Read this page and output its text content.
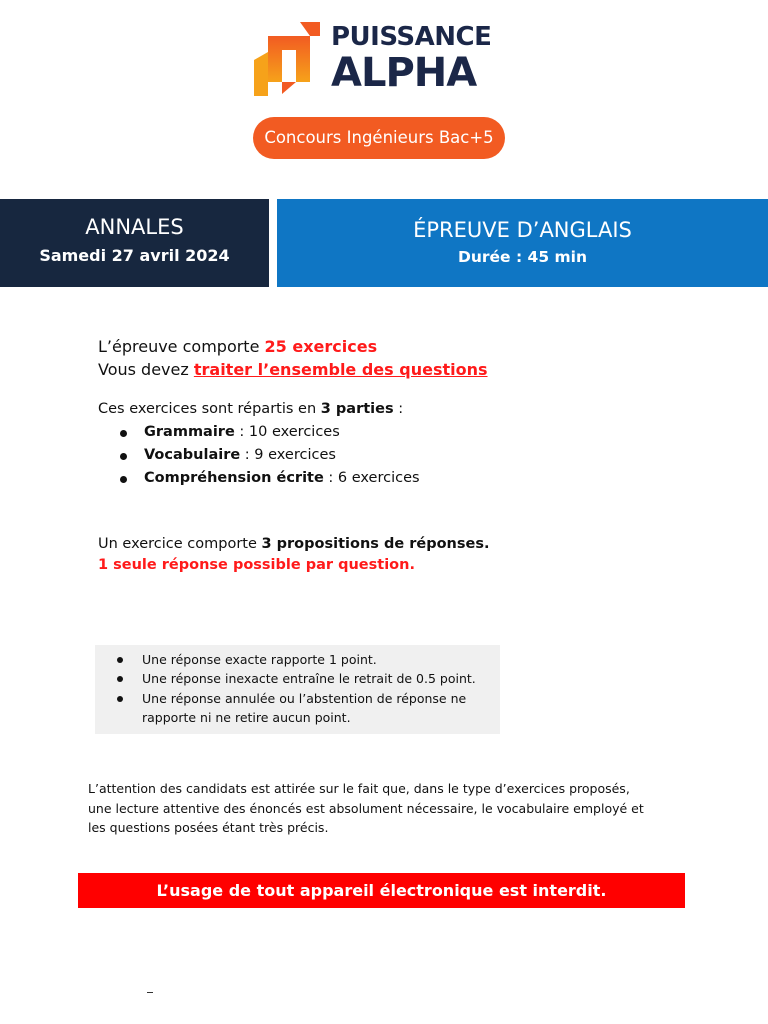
PUISSANCE
ALPHA
Concours Ingénieurs Bac+5
ANNALES
Samedi 27 avril 2024
ÉPREUVE D’ANGLAIS
Durée : 45 min
L’épreuve comporte 25 exercices
Vous devez traiter l’ensemble des questions
Ces exercices sont répartis en 3 parties :
Grammaire : 10 exercices
Vocabulaire : 9 exercices
Compréhension écrite : 6 exercices
Un exercice comporte 3 propositions de réponses.
1 seule réponse possible par question.
Une réponse exacte rapporte 1 point.
Une réponse inexacte entraîne le retrait de 0.5 point.
Une réponse annulée ou l’abstention de réponse ne rapporte ni ne retire aucun point.
L’attention des candidats est attirée sur le fait que, dans le type d’exercices proposés, une lecture attentive des énoncés est absolument nécessaire, le vocabulaire employé et les questions posées étant très précis.
L’usage de tout appareil électronique est interdit.
